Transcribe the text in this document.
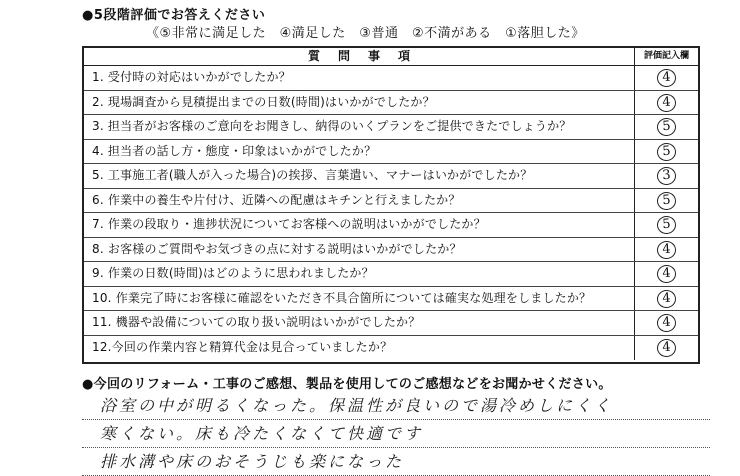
●5段階評価でお答えください
《⑤非常に満足した　④満足した　③普通　②不満がある　①落胆した》
質問事項	評価記入欄
1. 受付時の対応はいかがでしたか？	4
2. 現場調査から見積提出までの日数(時間)はいかがでしたか？	4
3. 担当者がお客様のご意向をお聞きし、納得のいくプランをご提供できたでしょうか？	5
4. 担当者の話し方・態度・印象はいかがでしたか？	5
5. 工事施工者(職人が入った場合)の挨拶、言葉遣い、マナーはいかがでしたか？	3
6. 作業中の養生や片付け、近隣への配慮はキチンと行えましたか？	5
7. 作業の段取り・進捗状況についてお客様への説明はいかがでしたか？	5
8. お客様のご質問やお気づきの点に対する説明はいかがでしたか？	4
9. 作業の日数(時間)はどのように思われましたか？	4
10. 作業完了時にお客様に確認をいただき不具合箇所については確実な処理をしましたか？	4
11. 機器や設備についての取り扱い説明はいかがでしたか？	4
12.今回の作業内容と精算代金は見合っていましたか？	4
●今回のリフォーム・工事のご感想、製品を使用してのご感想などをお聞かせください。
浴室の中が明るくなった。保温性が良いので湯冷めしにくく
寒くない。床も冷たくなくて快適です
排水溝や床のおそうじも楽になった
